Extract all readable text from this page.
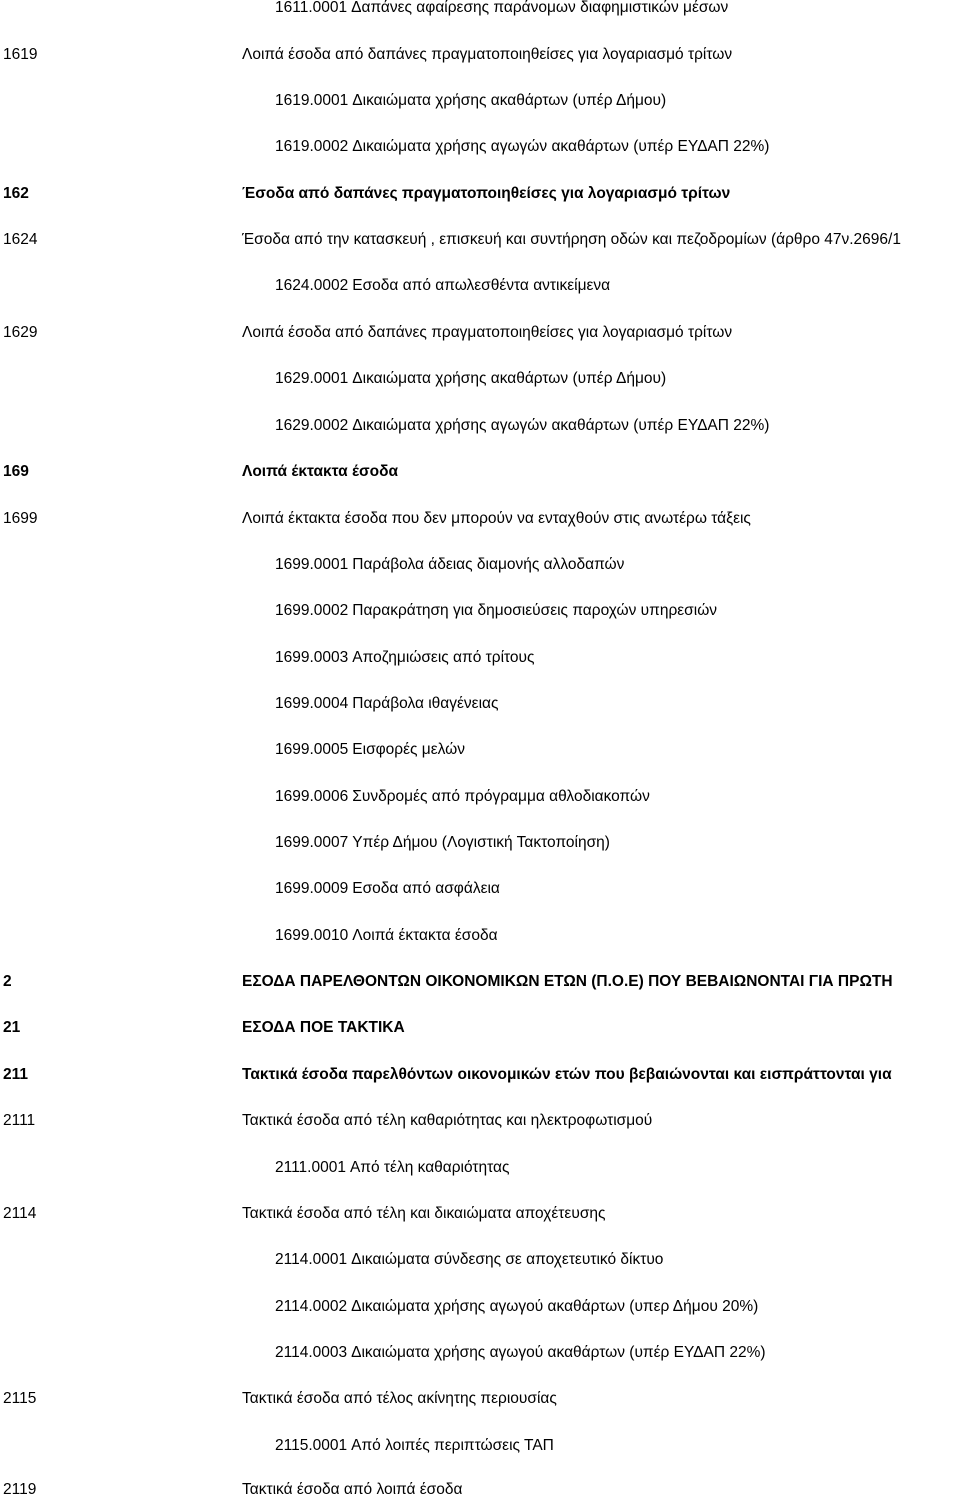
1611.0001 Δαπάνες αφαίρεσης παράνομων διαφημιστικών μέσων
1619	Λοιπά έσοδα από δαπάνες πραγματοποιηθείσες για λογαριασμό τρίτων
1619.0001 Δικαιώματα χρήσης ακαθάρτων (υπέρ Δήμου)
1619.0002 Δικαιώματα χρήσης αγωγών ακαθάρτων (υπέρ ΕΥΔΑΠ 22%)
162	Έσοδα από δαπάνες πραγματοποιηθείσες για λογαριασμό τρίτων
1624	Έσοδα από την κατασκευή , επισκευή και συντήρηση οδών και πεζοδρομίων (άρθρο 47ν.2696/1
1624.0002 Εσοδα από απωλεσθέντα αντικείμενα
1629	Λοιπά έσοδα από δαπάνες πραγματοποιηθείσες για λογαριασμό τρίτων
1629.0001 Δικαιώματα χρήσης ακαθάρτων (υπέρ Δήμου)
1629.0002 Δικαιώματα χρήσης αγωγών ακαθάρτων (υπέρ ΕΥΔΑΠ 22%)
169	Λοιπά έκτακτα έσοδα
1699	Λοιπά έκτακτα έσοδα που δεν μπορούν να ενταχθούν στις ανωτέρω τάξεις
1699.0001 Παράβολα άδειας διαμονής αλλοδαπών
1699.0002 Παρακράτηση για δημοσιεύσεις παροχών υπηρεσιών
1699.0003 Αποζημιώσεις από τρίτους
1699.0004 Παράβολα ιθαγένειας
1699.0005 Εισφορές μελών
1699.0006 Συνδρομές από πρόγραμμα αθλοδιακοπών
1699.0007 Υπέρ Δήμου (Λογιστική Τακτοποίηση)
1699.0009 Εσοδα από ασφάλεια
1699.0010 Λοιπά έκτακτα έσοδα
2	ΕΣΟΔΑ ΠΑΡΕΛΘΟΝΤΩΝ ΟΙΚΟΝΟΜΙΚΩΝ ΕΤΩΝ (Π.Ο.Ε) ΠΟΥ ΒΕΒΑΙΩΝΟΝΤΑΙ ΓΙΑ ΠΡΩΤΗ
21	ΕΣΟΔΑ ΠΟΕ ΤΑΚΤΙΚΑ
211	Τακτικά έσοδα παρελθόντων οικονομικών ετών που βεβαιώνονται και εισπράττονται για
2111	Τακτικά έσοδα από τέλη καθαριότητας και ηλεκτροφωτισμού
2111.0001 Από τέλη καθαριότητας
2114	Τακτικά έσοδα από τέλη και δικαιώματα αποχέτευσης
2114.0001 Δικαιώματα σύνδεσης σε αποχετευτικό δίκτυο
2114.0002 Δικαιώματα χρήσης αγωγού ακαθάρτων (υπερ Δήμου 20%)
2114.0003 Δικαιώματα χρήσης αγωγού ακαθάρτων (υπέρ ΕΥΔΑΠ 22%)
2115	Τακτικά έσοδα από τέλος ακίνητης περιουσίας
2115.0001 Από λοιπές περιπτώσεις ΤΑΠ
2119	Τακτικά έσοδα από λοιπά έσοδα
